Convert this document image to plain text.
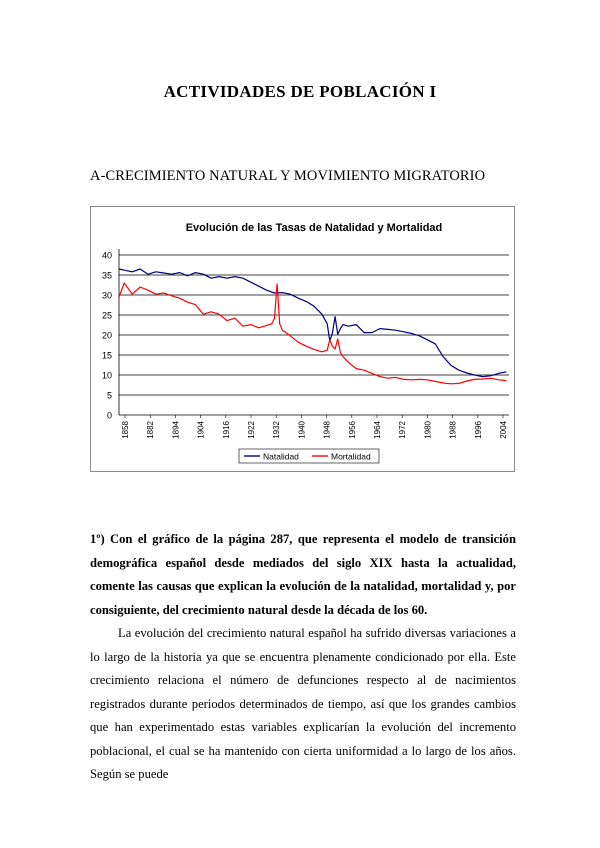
ACTIVIDADES DE POBLACIÓN I
A-CRECIMIENTO NATURAL Y MOVIMIENTO MIGRATORIO
Evolución de las Tasas de Natalidad y Mortalidad
0
5
10
15
20
25
30
35
40
1858 1882 1894 1904 1916 1922 1932 1940 1948 1956 1964 1972 1980 1988 1996 2004
Natalidad	Mortalidad
1º) Con el gráfico de la página 287, que representa el modelo de transición demográfica español desde mediados del siglo XIX hasta la actualidad, comente las causas que explican la evolución de la natalidad, mortalidad y, por consiguiente, del crecimiento natural desde la década de los 60.
La evolución del crecimiento natural español ha sufrido diversas variaciones a lo largo de la historia ya que se encuentra plenamente condicionado por ella. Este crecimiento relaciona el número de defunciones respecto al de nacimientos registrados durante periodos determinados de tiempo, así que los grandes cambios que han experimentado estas variables explicarían la evolución del incremento poblacional, el cual se ha mantenido con cierta uniformidad a lo largo de los años. Según se puede
